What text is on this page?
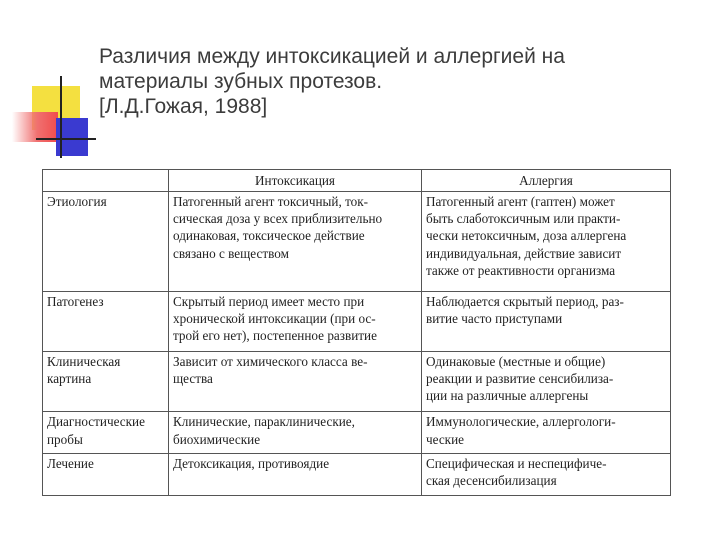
Различия между интоксикацией и аллергией на
материалы зубных протезов.
[Л.Д.Гожая, 1988]
	Интоксикация	Аллергия

Этиология	Патогенный агент токсичный, ток-
сическая доза у всех приблизительно
одинаковая, токсическое действие
связано с веществом	Патогенный агент (гаптен) может
быть слаботоксичным или практи-
чески нетоксичным, доза аллергена
индивидуальная, действие зависит
также от реактивности организма

Патогенез	Скрытый период имеет место при
хронической интоксикации (при ос-
трой его нет), постепенное развитие	Наблюдается скрытый период, раз-
витие часто приступами

Клиническая
картина	Зависит от химического класса ве-
щества	Одинаковые (местные и общие)
реакции и развитие сенсибилиза-
ции на различные аллергены

Диагностические
пробы	Клинические, параклинические,
биохимические	Иммунологические, аллергологи-
ческие

Лечение	Детоксикация, противоядие	Специфическая и неспецифиче-
ская десенсибилизация
